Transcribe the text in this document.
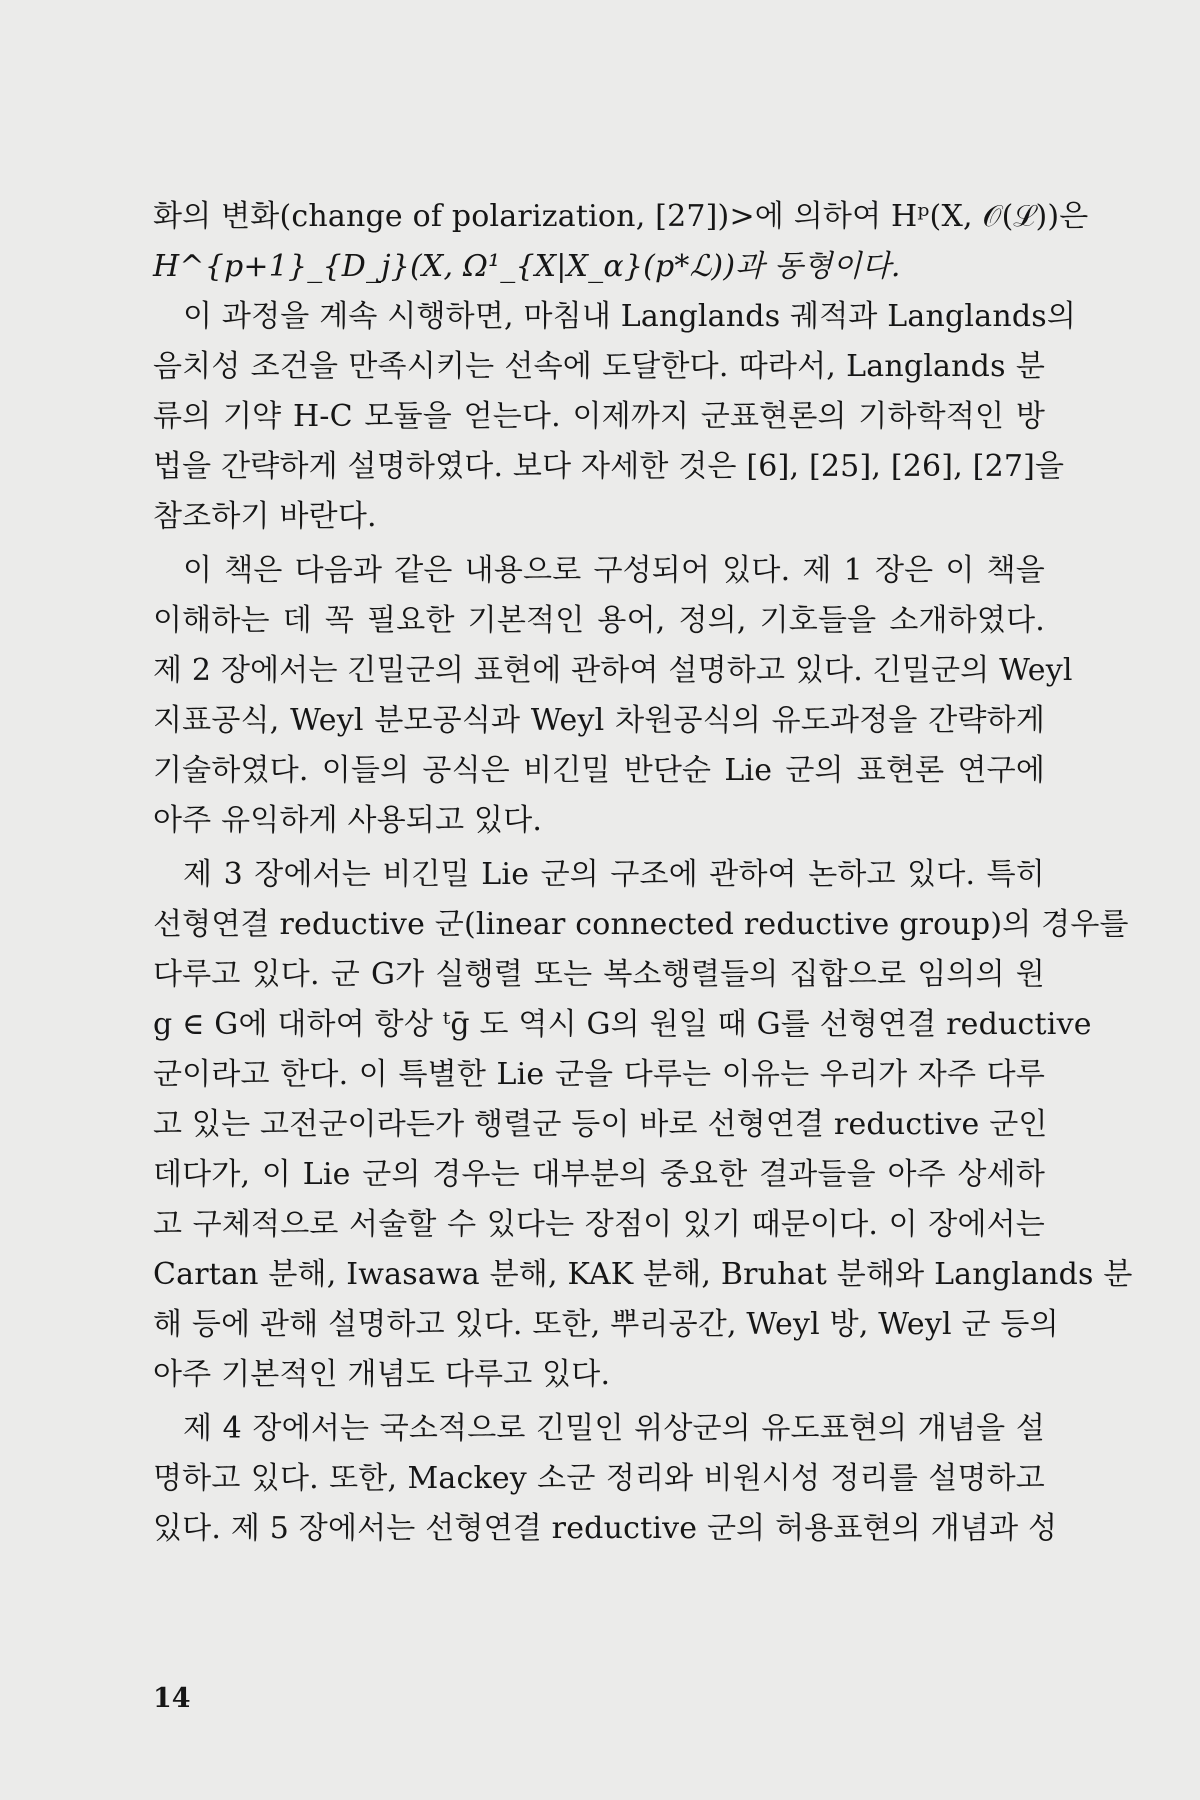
화의 변화(change of polarization, [27])>에 의하여 Hᵖ(X, 𝒪(ℒ))은
H^{p+1}_{D_j}(X, Ω¹_{X|X_α}(p*ℒ))과 동형이다.
이 과정을 계속 시행하면, 마침내 Langlands 궤적과 Langlands의
음치성 조건을 만족시키는 선속에 도달한다. 따라서, Langlands 분
류의 기약 H-C 모듈을 얻는다. 이제까지 군표현론의 기하학적인 방
법을 간략하게 설명하였다. 보다 자세한 것은 [6], [25], [26], [27]을
참조하기 바란다.
이 책은 다음과 같은 내용으로 구성되어 있다. 제 1 장은 이 책을
이해하는 데 꼭 필요한 기본적인 용어, 정의, 기호들을 소개하였다.
제 2 장에서는 긴밀군의 표현에 관하여 설명하고 있다. 긴밀군의 Weyl
지표공식, Weyl 분모공식과 Weyl 차원공식의 유도과정을 간략하게
기술하였다. 이들의 공식은 비긴밀 반단순 Lie 군의 표현론 연구에
아주 유익하게 사용되고 있다.
제 3 장에서는 비긴밀 Lie 군의 구조에 관하여 논하고 있다. 특히
선형연결 reductive 군(linear connected reductive group)의 경우를
다루고 있다. 군 G가 실행렬 또는 복소행렬들의 집합으로 임의의 원
g ∈ G에 대하여 항상 ᵗḡ 도 역시 G의 원일 때 G를 선형연결 reductive
군이라고 한다. 이 특별한 Lie 군을 다루는 이유는 우리가 자주 다루
고 있는 고전군이라든가 행렬군 등이 바로 선형연결 reductive 군인
데다가, 이 Lie 군의 경우는 대부분의 중요한 결과들을 아주 상세하
고 구체적으로 서술할 수 있다는 장점이 있기 때문이다. 이 장에서는
Cartan 분해, Iwasawa 분해, KAK 분해, Bruhat 분해와 Langlands 분
해 등에 관해 설명하고 있다. 또한, 뿌리공간, Weyl 방, Weyl 군 등의
아주 기본적인 개념도 다루고 있다.
제 4 장에서는 국소적으로 긴밀인 위상군의 유도표현의 개념을 설
명하고 있다. 또한, Mackey 소군 정리와 비원시성 정리를 설명하고
있다. 제 5 장에서는 선형연결 reductive 군의 허용표현의 개념과 성
14
